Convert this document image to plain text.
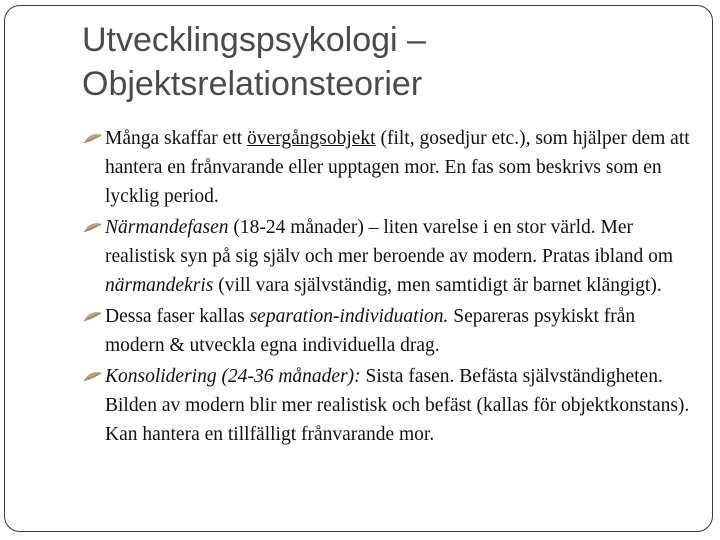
Utvecklingspsykologi –
Objektsrelationsteorier
Många skaffar ett övergångsobjekt (filt, gosedjur etc.), som hjälper dem att hantera en frånvarande eller upptagen mor. En fas som beskrivs som en lycklig period.
Närmandefasen (18-24 månader) – liten varelse i en stor värld. Mer realistisk syn på sig själv och mer beroende av modern. Pratas ibland om närmandekris (vill vara självständig, men samtidigt är barnet klängigt).
Dessa faser kallas separation-individuation. Separeras psykiskt från modern & utveckla egna individuella drag.
Konsolidering (24-36 månader): Sista fasen. Befästa självständigheten. Bilden av modern blir mer realistisk och befäst (kallas för objektkonstans). Kan hantera en tillfälligt frånvarande mor.
